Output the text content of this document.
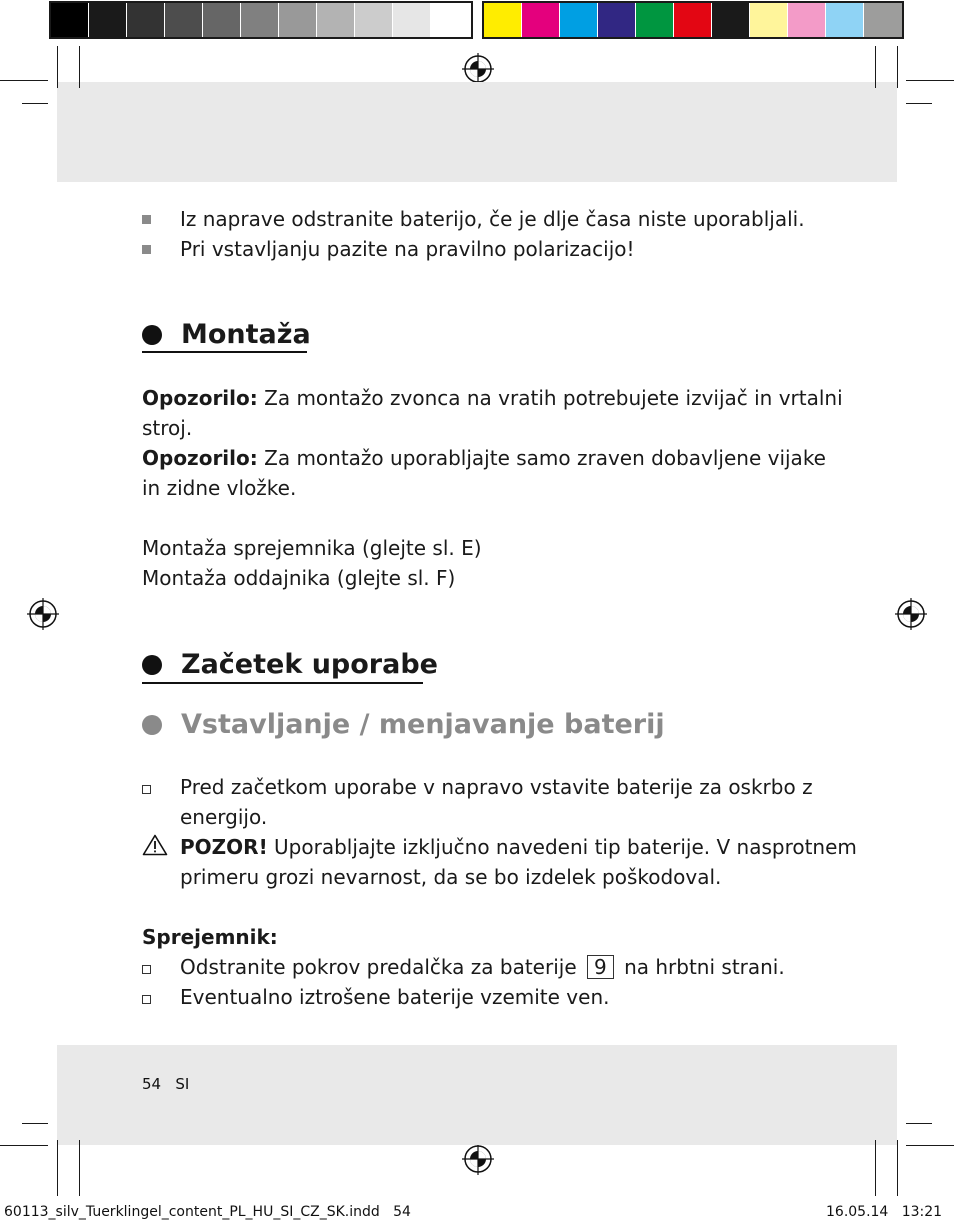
Iz naprave odstranite baterijo, če je dlje časa niste uporabljali.
Pri vstavljanju pazite na pravilno polarizacijo!
Montaža
Opozorilo: Za montažo zvonca na vratih potrebujete izvijač in vrtalni
stroj.
Opozorilo: Za montažo uporabljajte samo zraven dobavljene vijake
in zidne vložke.
Montaža sprejemnika (glejte sl. E)
Montaža oddajnika (glejte sl. F)
Začetek uporabe
Vstavljanje / menjavanje baterij
Pred začetkom uporabe v napravo vstavite baterije za oskrbo z
energijo.
POZOR! Uporabljajte izključno navedeni tip baterije. V nasprotnem
primeru grozi nevarnost, da se bo izdelek poškodoval.
Sprejemnik:
Odstranite pokrov predalčka za baterije 9 na hrbtni strani.
Eventualno iztrošene baterije vzemite ven.
54 SI
60113_silv_Tuerklingel_content_PL_HU_SI_CZ_SK.indd 54	16.05.14 13:21
